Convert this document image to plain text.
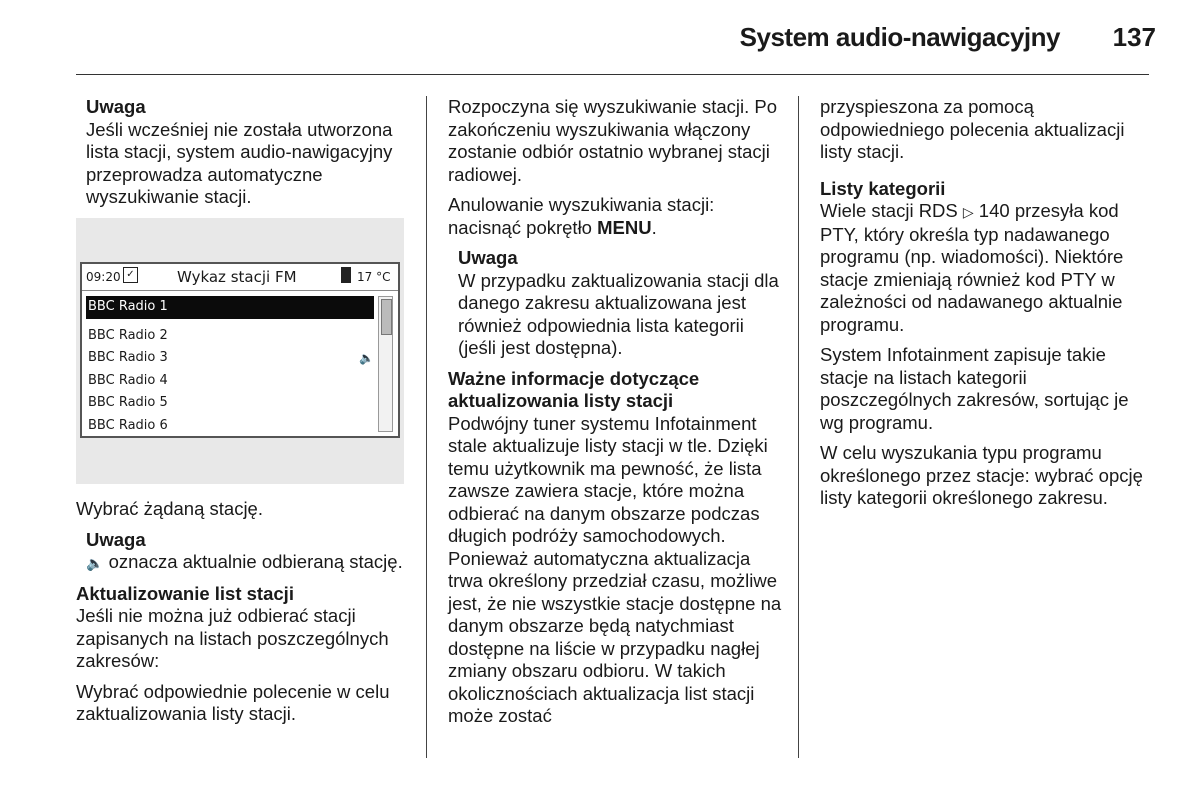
System audio-nawigacyjny	137
Uwaga
Jeśli wcześniej nie została utworzona lista stacji, system audio-nawigacyjny przeprowadza automatyczne wyszukiwanie stacji.
09:20 ✓	Wykaz stacji FM	17 °C
BBC Radio 1
BBC Radio 2
BBC Radio 3	🔈
BBC Radio 4
BBC Radio 5
BBC Radio 6

Wybrać żądaną stację.

Uwaga
🔈 oznacza aktualnie odbieraną stację.
Aktualizowanie list stacji

Jeśli nie można już odbierać stacji zapisanych na listach poszczególnych zakresów:

Wybrać odpowiednie polecenie w celu zaktualizowania listy stacji.

Rozpoczyna się wyszukiwanie stacji. Po zakończeniu wyszukiwania włączony zostanie odbiór ostatnio wybranej stacji radiowej.

Anulowanie wyszukiwania stacji: nacisnąć pokrętło MENU.

Uwaga
W przypadku zaktualizowania stacji dla danego zakresu aktualizowana jest również odpowiednia lista kategorii (jeśli jest dostępna).
Ważne informacje dotyczące aktualizowania listy stacji

Podwójny tuner systemu Infotainment stale aktualizuje listy stacji w tle. Dzięki temu użytkownik ma pewność, że lista zawsze zawiera stacje, które można odbierać na danym obszarze podczas długich podróży samochodowych. Ponieważ automatyczna aktualizacja trwa określony przedział czasu, możliwe jest, że nie wszystkie stacje dostępne na danym obszarze będą natychmiast dostępne na liście w przypadku nagłej zmiany obszaru odbioru. W takich okolicznościach aktualizacja list stacji może zostać

przyspieszona za pomocą odpowiedniego polecenia aktualizacji listy stacji.

Listy kategorii

Wiele stacji RDS ▷ 140 przesyła kod PTY, który określa typ nadawanego programu (np. wiadomości). Niektóre stacje zmieniają również kod PTY w zależności od nadawanego aktualnie programu.

System Infotainment zapisuje takie stacje na listach kategorii poszczególnych zakresów, sortując je wg programu.

W celu wyszukania typu programu określonego przez stacje: wybrać opcję listy kategorii określonego zakresu.
